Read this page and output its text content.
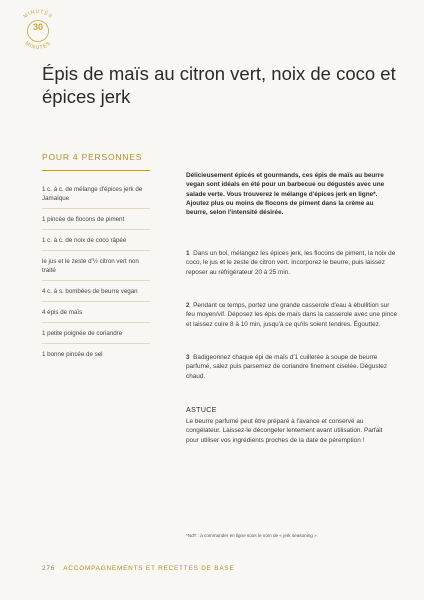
MINUTES
MINUTES
30
Épis de maïs au citron vert, noix de coco et épices jerk
POUR 4 PERSONNES
1 c. à c. de mélange d'épices jerk de Jamaïque
1 pincée de flocons de piment
1 c. à c. de noix de coco râpée
le jus et le zeste d'½ citron vert non traité
4 c. à s. bombées de beurre vegan
4 épis de maïs
1 petite poignée de coriandre
1 bonne pincée de sel

Délicieusement épicés et gourmands, ces épis de maïs au beurre vegan sont idéals en été pour un barbecue ou dégustés avec une salade verte. Vous trouverez le mélange d'épices jerk en ligne*. Ajoutez plus ou moins de flocons de piment dans la crème au beurre, selon l'intensité désirée.

1 Dans un bol, mélangez les épices jerk, les flocons de piment, la noix de coco, le jus et le zeste de citron vert. Incorporez le beurre, puis laissez reposer au réfrigérateur 20 à 25 min.

2 Pendant ce temps, portez une grande casserole d'eau à ébullition sur feu moyen/vif. Déposez les épis de maïs dans la casserole avec une pince et laissez cuire 8 à 10 min, jusqu'à ce qu'ils soient tendres. Égouttez.

3 Badigeonnez chaque épi de maïs d'1 cuillerée à soupe de beurre parfumé, salez puis parsemez de coriandre finement ciselée. Dégustez chaud.

ASTUCE

Le beurre parfumé peut être préparé à l'avance et conservé au congélateur. Laissez-le décongeler lentement avant utilisation. Parfait pour utiliser vos ingrédients proches de la date de péremption !

*NdT : à commander en ligne sous le nom de « jerk seasoning ».
276 ACCOMPAGNEMENTS ET RECETTES DE BASE
